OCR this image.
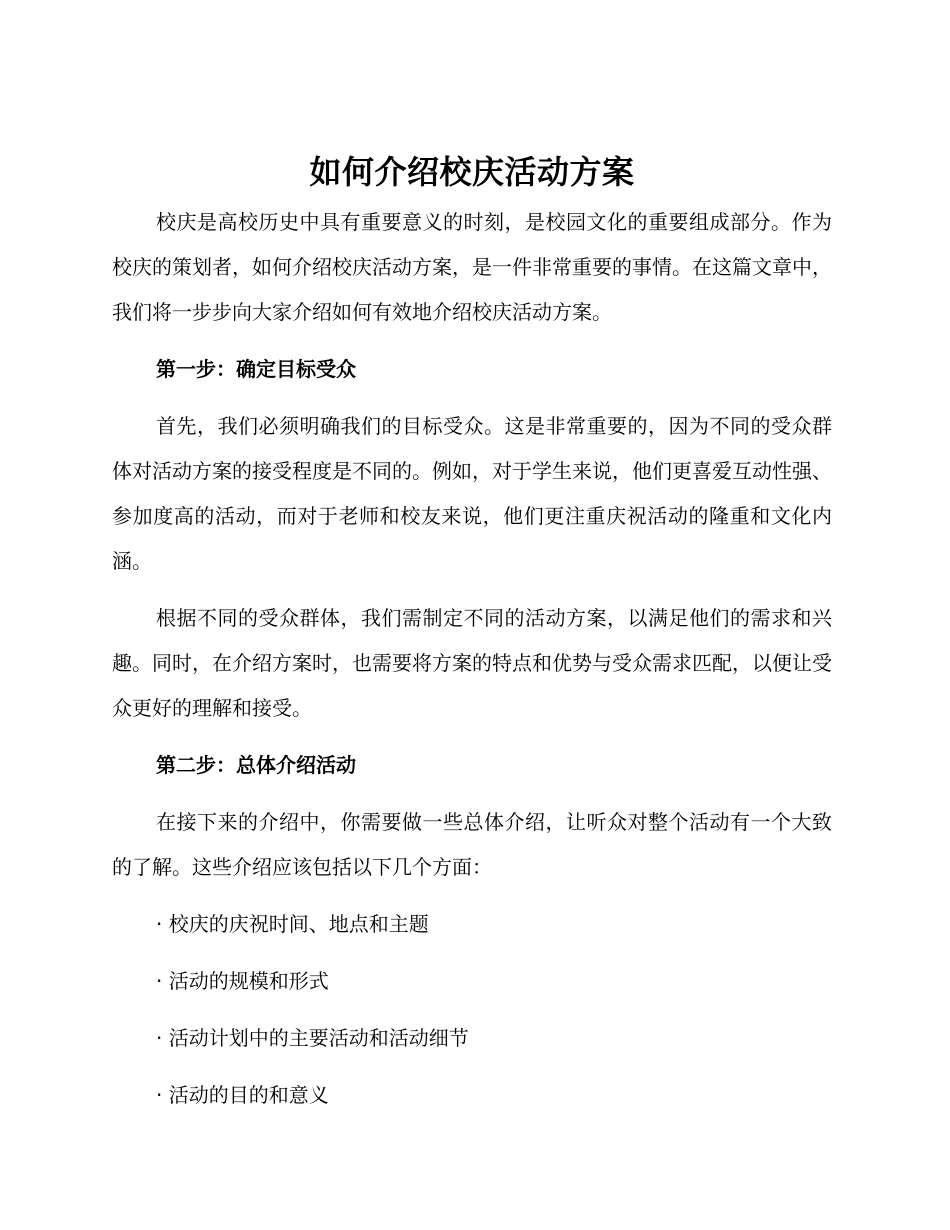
如何介绍校庆活动方案

校庆是高校历史中具有重要意义的时刻，是校园文化的重要组成部分。作为校庆的策划者，如何介绍校庆活动方案，是一件非常重要的事情。在这篇文章中，我们将一步步向大家介绍如何有效地介绍校庆活动方案。

第一步：确定目标受众

首先，我们必须明确我们的目标受众。这是非常重要的，因为不同的受众群体对活动方案的接受程度是不同的。例如，对于学生来说，他们更喜爱互动性强、参加度高的活动，而对于老师和校友来说，他们更注重庆祝活动的隆重和文化内涵。

根据不同的受众群体，我们需制定不同的活动方案，以满足他们的需求和兴趣。同时，在介绍方案时，也需要将方案的特点和优势与受众需求匹配，以便让受众更好的理解和接受。

第二步：总体介绍活动

在接下来的介绍中，你需要做一些总体介绍，让听众对整个活动有一个大致的了解。这些介绍应该包括以下几个方面：

· 校庆的庆祝时间、地点和主题

· 活动的规模和形式

· 活动计划中的主要活动和活动细节

· 活动的目的和意义
